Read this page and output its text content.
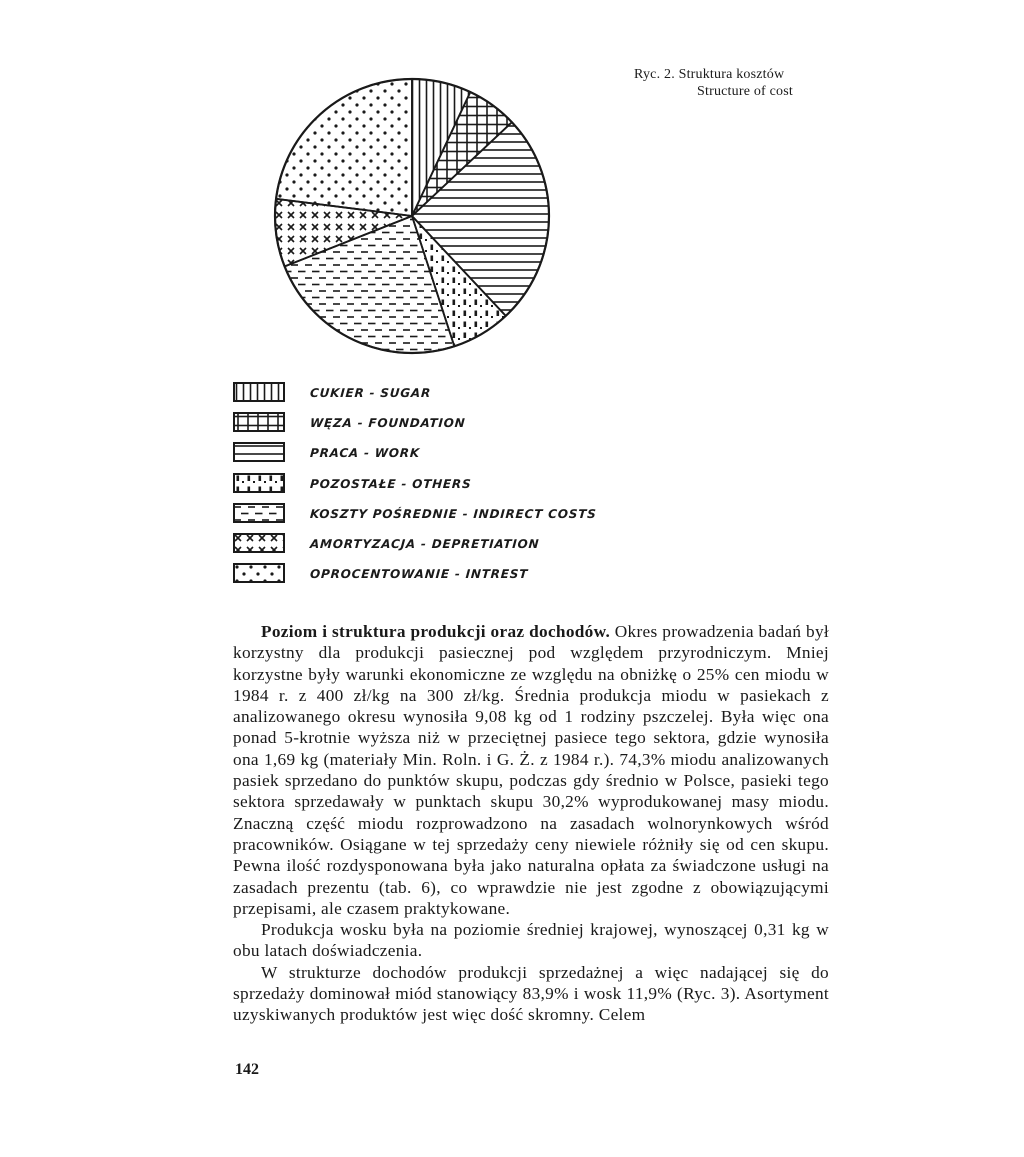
Ryc. 2. Struktura kosztów
Structure of cost
CUKIER - SUGAR
WĘZA - FOUNDATION
PRACA - WORK
POZOSTAŁE - OTHERS
KOSZTY POŚREDNIE - INDIRECT COSTS
AMORTYZACJA - DEPRETIATION
OPROCENTOWANIE - INTREST

Poziom i struktura produkcji oraz dochodów. Okres prowadzenia badań był korzystny dla produkcji pasiecznej pod względem przyrodniczym. Mniej korzystne były warunki ekonomiczne ze względu na obniżkę o 25% cen miodu w 1984 r. z 400 zł/kg na 300 zł/kg. Średnia produkcja miodu w pasiekach z analizowanego okresu wynosiła 9,08 kg od 1 rodziny pszczelej. Była więc ona ponad 5-krotnie wyższa niż w przeciętnej pasiece tego sektora, gdzie wynosiła ona 1,69 kg (materiały Min. Roln. i G. Ż. z 1984 r.). 74,3% miodu analizowanych pasiek sprzedano do punktów skupu, podczas gdy średnio w Polsce, pasieki tego sektora sprzedawały w punktach skupu 30,2% wyprodukowanej masy miodu. Znaczną część miodu rozprowadzono na zasadach wolnorynkowych wśród pracowników. Osiągane w tej sprzedaży ceny niewiele różniły się od cen skupu. Pewna ilość rozdysponowana była jako naturalna opłata za świadczone usługi na zasadach prezentu (tab. 6), co wprawdzie nie jest zgodne z obowiązującymi przepisami, ale czasem praktykowane.

Produkcja wosku była na poziomie średniej krajowej, wynoszącej 0,31 kg w obu latach doświadczenia.

W strukturze dochodów produkcji sprzedażnej a więc nadającej się do sprzedaży dominował miód stanowiący 83,9% i wosk 11,9% (Ryc. 3). Asortyment uzyskiwanych produktów jest więc dość skromny. Celem

142
